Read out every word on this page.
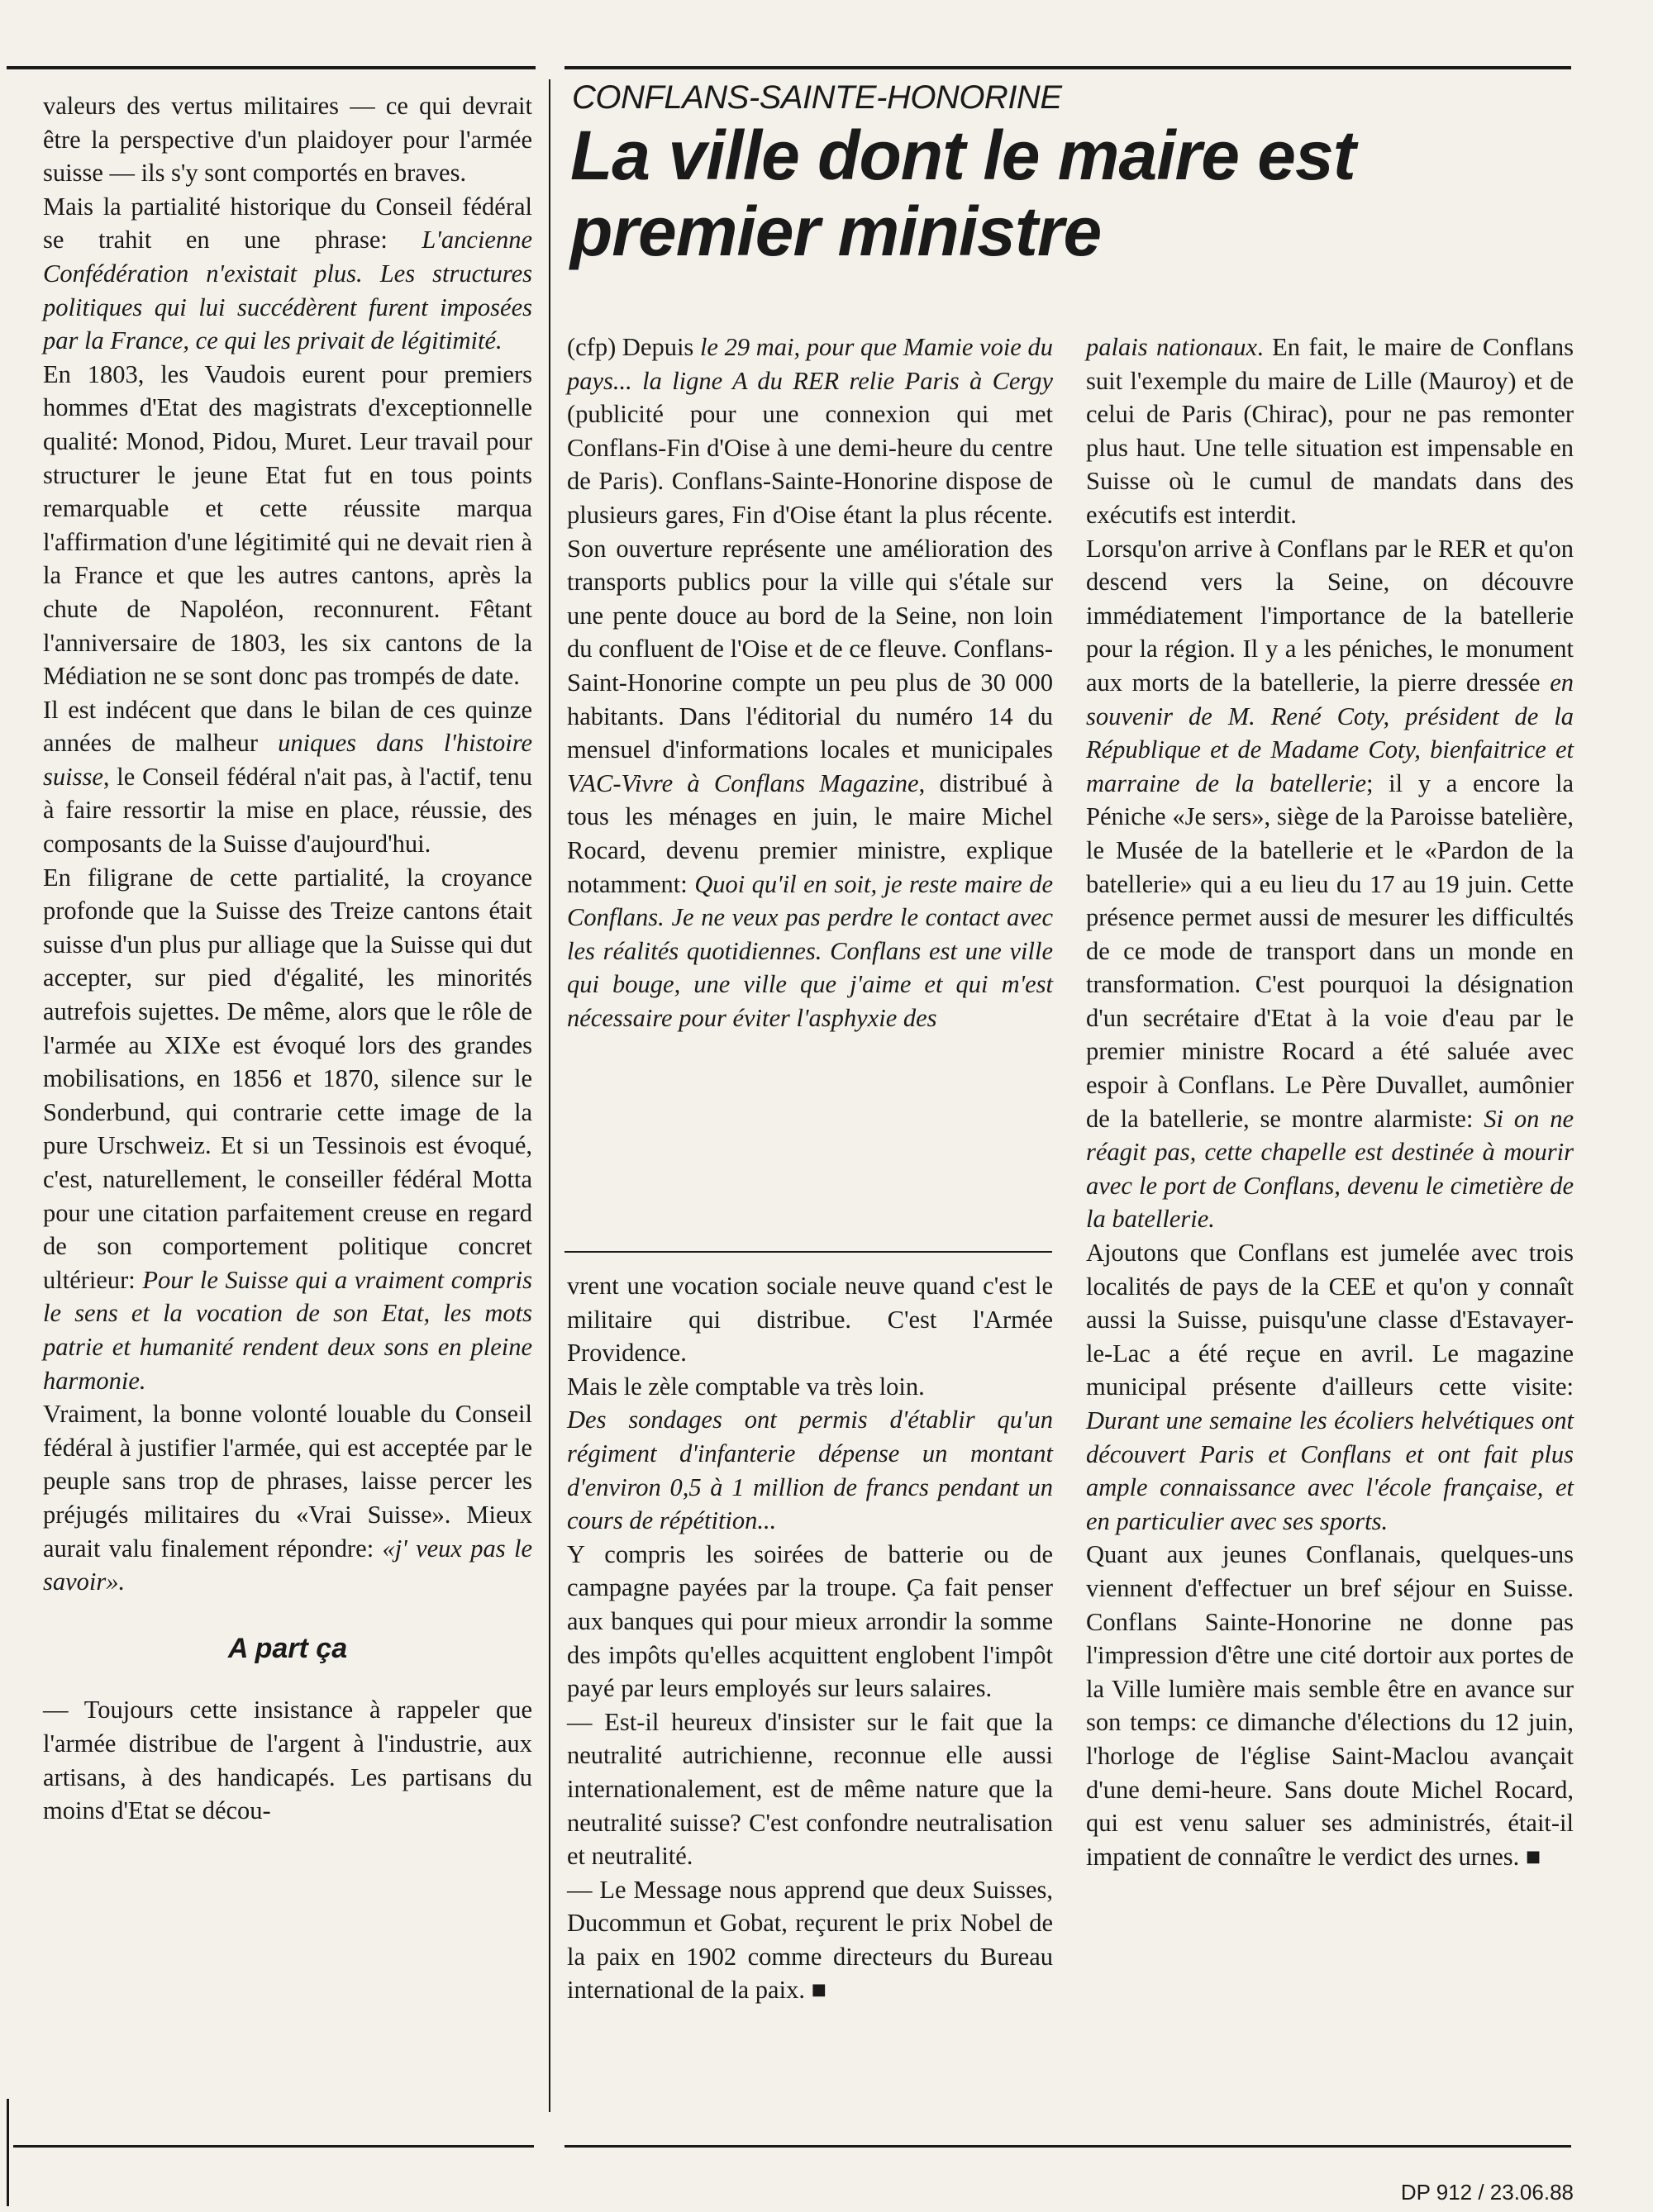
CONFLANS-SAINTE-HONORINE
La ville dont le maire est
premier ministre

valeurs des vertus militaires — ce qui devrait être la perspective d'un plaidoyer pour l'armée suisse — ils s'y sont comportés en braves.

Mais la partialité historique du Conseil fédéral se trahit en une phrase: L'ancienne Confédération n'existait plus. Les structures politiques qui lui succédèrent furent imposées par la France, ce qui les privait de légitimité.

En 1803, les Vaudois eurent pour premiers hommes d'Etat des magistrats d'exceptionnelle qualité: Monod, Pidou, Muret. Leur travail pour structurer le jeune Etat fut en tous points remarquable et cette réussite marqua l'affirmation d'une légitimité qui ne devait rien à la France et que les autres cantons, après la chute de Napoléon, reconnurent. Fêtant l'anniversaire de 1803, les six cantons de la Médiation ne se sont donc pas trompés de date.

Il est indécent que dans le bilan de ces quinze années de malheur uniques dans l'histoire suisse, le Conseil fédéral n'ait pas, à l'actif, tenu à faire ressortir la mise en place, réussie, des composants de la Suisse d'aujourd'hui.

En filigrane de cette partialité, la croyance profonde que la Suisse des Treize cantons était suisse d'un plus pur alliage que la Suisse qui dut accepter, sur pied d'égalité, les minorités autrefois sujettes. De même, alors que le rôle de l'armée au XIXe est évoqué lors des grandes mobilisations, en 1856 et 1870, silence sur le Sonderbund, qui contrarie cette image de la pure Urschweiz. Et si un Tessinois est évoqué, c'est, naturellement, le conseiller fédéral Motta pour une citation parfaitement creuse en regard de son comportement politique concret ultérieur: Pour le Suisse qui a vraiment compris le sens et la vocation de son Etat, les mots patrie et humanité rendent deux sons en pleine harmonie.

Vraiment, la bonne volonté louable du Conseil fédéral à justifier l'armée, qui est acceptée par le peuple sans trop de phrases, laisse percer les préjugés militaires du «Vrai Suisse». Mieux aurait valu finalement répondre: «j' veux pas le savoir».

A part ça

— Toujours cette insistance à rappeler que l'armée distribue de l'argent à l'industrie, aux artisans, à des handicapés. Les partisans du moins d'Etat se décou-

(cfp) Depuis le 29 mai, pour que Mamie voie du pays... la ligne A du RER relie Paris à Cergy (publicité pour une connexion qui met Conflans-Fin d'Oise à une demi-heure du centre de Paris). Conflans-Sainte-Honorine dispose de plusieurs gares, Fin d'Oise étant la plus récente. Son ouverture représente une amélioration des transports publics pour la ville qui s'étale sur une pente douce au bord de la Seine, non loin du confluent de l'Oise et de ce fleuve. Conflans-Saint-Honorine compte un peu plus de 30 000 habitants. Dans l'éditorial du numéro 14 du mensuel d'informations locales et municipales VAC-Vivre à Conflans Magazine, distribué à tous les ménages en juin, le maire Michel Rocard, devenu premier ministre, explique notamment: Quoi qu'il en soit, je reste maire de Conflans. Je ne veux pas perdre le contact avec les réalités quotidiennes. Conflans est une ville qui bouge, une ville que j'aime et qui m'est nécessaire pour éviter l'asphyxie des

vrent une vocation sociale neuve quand c'est le militaire qui distribue. C'est l'Armée Providence.

Mais le zèle comptable va très loin.

Des sondages ont permis d'établir qu'un régiment d'infanterie dépense un montant d'environ 0,5 à 1 million de francs pendant un cours de répétition...

Y compris les soirées de batterie ou de campagne payées par la troupe. Ça fait penser aux banques qui pour mieux arrondir la somme des impôts qu'elles acquittent englobent l'impôt payé par leurs employés sur leurs salaires.

— Est-il heureux d'insister sur le fait que la neutralité autrichienne, reconnue elle aussi internationalement, est de même nature que la neutralité suisse? C'est confondre neutralisation et neutralité.

— Le Message nous apprend que deux Suisses, Ducommun et Gobat, reçurent le prix Nobel de la paix en 1902 comme directeurs du Bureau international de la paix. ■

palais nationaux. En fait, le maire de Conflans suit l'exemple du maire de Lille (Mauroy) et de celui de Paris (Chirac), pour ne pas remonter plus haut. Une telle situation est impensable en Suisse où le cumul de mandats dans des exécutifs est interdit.

Lorsqu'on arrive à Conflans par le RER et qu'on descend vers la Seine, on découvre immédiatement l'importance de la batellerie pour la région. Il y a les péniches, le monument aux morts de la batellerie, la pierre dressée en souvenir de M. René Coty, président de la République et de Madame Coty, bienfaitrice et marraine de la batellerie; il y a encore la Péniche «Je sers», siège de la Paroisse batelière, le Musée de la batellerie et le «Pardon de la batellerie» qui a eu lieu du 17 au 19 juin. Cette présence permet aussi de mesurer les difficultés de ce mode de transport dans un monde en transformation. C'est pourquoi la désignation d'un secrétaire d'Etat à la voie d'eau par le premier ministre Rocard a été saluée avec espoir à Conflans. Le Père Duvallet, aumônier de la batellerie, se montre alarmiste: Si on ne réagit pas, cette chapelle est destinée à mourir avec le port de Conflans, devenu le cimetière de la batellerie.

Ajoutons que Conflans est jumelée avec trois localités de pays de la CEE et qu'on y connaît aussi la Suisse, puisqu'une classe d'Estavayer-le-Lac a été reçue en avril. Le magazine municipal présente d'ailleurs cette visite: Durant une semaine les écoliers helvétiques ont découvert Paris et Conflans et ont fait plus ample connaissance avec l'école française, et en particulier avec ses sports.

Quant aux jeunes Conflanais, quelques-uns viennent d'effectuer un bref séjour en Suisse. Conflans Sainte-Honorine ne donne pas l'impression d'être une cité dortoir aux portes de la Ville lumière mais semble être en avance sur son temps: ce dimanche d'élections du 12 juin, l'horloge de l'église Saint-Maclou avançait d'une demi-heure. Sans doute Michel Rocard, qui est venu saluer ses administrés, était-il impatient de connaître le verdict des urnes. ■

DP 912 / 23.06.88
